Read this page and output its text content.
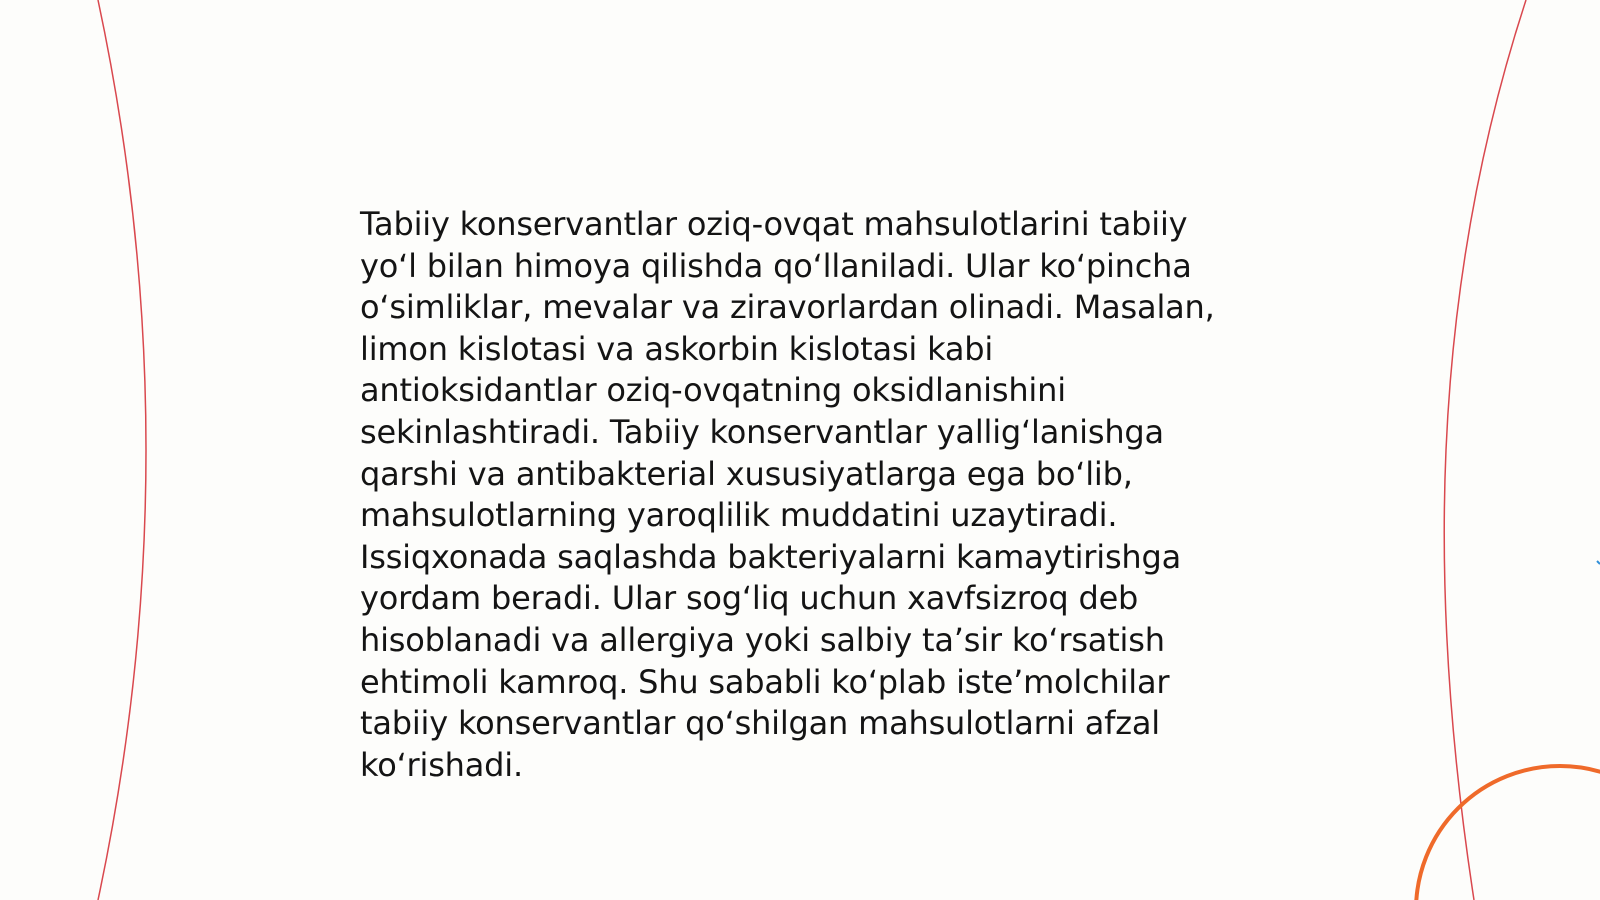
Tabiiy konservantlar oziq-ovqat mahsulotlarini tabiiy
yoʻl bilan himoya qilishda qoʻllaniladi. Ular koʻpincha
oʻsimliklar, mevalar va ziravorlardan olinadi. Masalan,
limon kislotasi va askorbin kislotasi kabi
antioksidantlar oziq-ovqatning oksidlanishini
sekinlashtiradi. Tabiiy konservantlar yalligʻlanishga
qarshi va antibakterial xususiyatlarga ega boʻlib,
mahsulotlarning yaroqlilik muddatini uzaytiradi.
Issiqxonada saqlashda bakteriyalarni kamaytirishga
yordam beradi. Ular sogʻliq uchun xavfsizroq deb
hisoblanadi va allergiya yoki salbiy taʼsir koʻrsatish
ehtimoli kamroq. Shu sababli koʻplab isteʼmolchilar
tabiiy konservantlar qoʻshilgan mahsulotlarni afzal
koʻrishadi.
